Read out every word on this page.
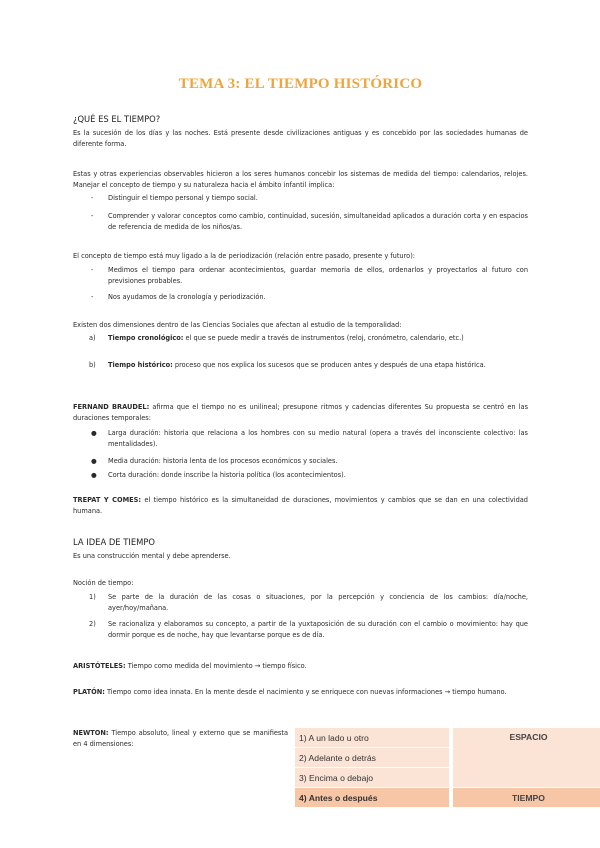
TEMA 3: EL TIEMPO HISTÓRICO
¿QUÉ ES EL TIEMPO?
Es la sucesión de los días y las noches. Está presente desde civilizaciones antiguas y es concebido por las sociedades humanas de diferente forma.
Estas y otras experiencias observables hicieron a los seres humanos concebir los sistemas de medida del tiempo: calendarios, relojes. Manejar el concepto de tiempo y su naturaleza hacia el ámbito infantil implica:
- Distinguir el tiempo personal y tiempo social.
- Comprender y valorar conceptos como cambio, continuidad, sucesión, simultaneidad aplicados a duración corta y en espacios de referencia de medida de los niños/as.
El concepto de tiempo está muy ligado a la de periodización (relación entre pasado, presente y futuro):
- Medimos el tiempo para ordenar acontecimientos, guardar memoria de ellos, ordenarlos y proyectarlos al futuro con previsiones probables.
- Nos ayudamos de la cronología y periodización.
Existen dos dimensiones dentro de las Ciencias Sociales que afectan al estudio de la temporalidad:
a) Tiempo cronológico: el que se puede medir a través de instrumentos (reloj, cronómetro, calendario, etc.)
b) Tiempo histórico: proceso que nos explica los sucesos que se producen antes y después de una etapa histórica.
FERNAND BRAUDEL: afirma que el tiempo no es unilineal; presupone ritmos y cadencias diferentes Su propuesta se centró en las duraciones temporales:
● Larga duración: historia que relaciona a los hombres con su medio natural (opera a través del inconsciente colectivo: las mentalidades).
● Media duración: historia lenta de los procesos económicos y sociales.
● Corta duración: donde inscribe la historia política (los acontecimientos).
TREPAT Y COMES: el tiempo histórico es la simultaneidad de duraciones, movimientos y cambios que se dan en una colectividad humana.
LA IDEA DE TIEMPO
Es una construcción mental y debe aprenderse.
Noción de tiempo:
1) Se parte de la duración de las cosas o situaciones, por la percepción y conciencia de los cambios: día/noche, ayer/hoy/mañana.
2) Se racionaliza y elaboramos su concepto, a partir de la yuxtaposición de su duración con el cambio o movimiento: hay que dormir porque es de noche, hay que levantarse porque es de día.
ARISTÓTELES: Tiempo como medida del movimiento → tiempo físico.
PLATÓN: Tiempo como idea innata. En la mente desde el nacimiento y se enriquece con nuevas informaciones → tiempo humano.
NEWTON: Tiempo absoluto, lineal y externo que se manifiesta en 4 dimensiones:
1) A un lado u otro	ESPACIO
2) Adelante o detrás	
3) Encima o debajo	
4) Antes o después	TIEMPO
